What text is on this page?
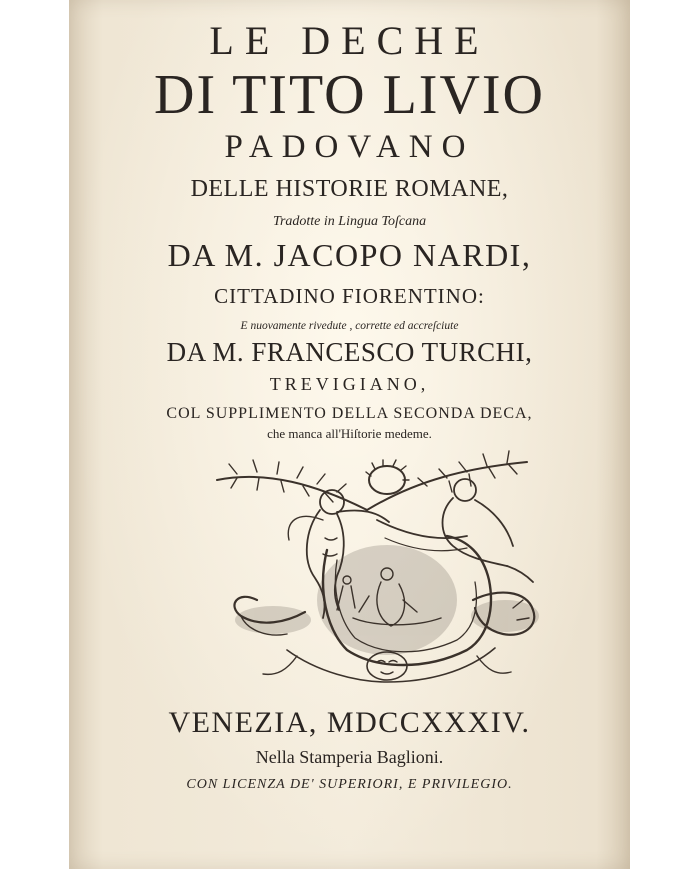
LE DECHE
DI TITO LIVIO
PADOVANO
DELLE HISTORIE ROMANE,
Tradotte in Lingua Toſcana
DA M. JACOPO NARDI,
CITTADINO FIORENTINO:
E nuovamente rivedute , corrette ed accreſciute
DA M. FRANCESCO TURCHI,
TREVIGIANO,
COL SUPPLIMENTO DELLA SECONDA DECA,
che manca all'Hiſtorie medeme.
VENEZIA, MDCCXXXIV.
Nella Stamperia Baglioni.
CON LICENZA DE' SUPERIORI, E PRIVILEGIO.
